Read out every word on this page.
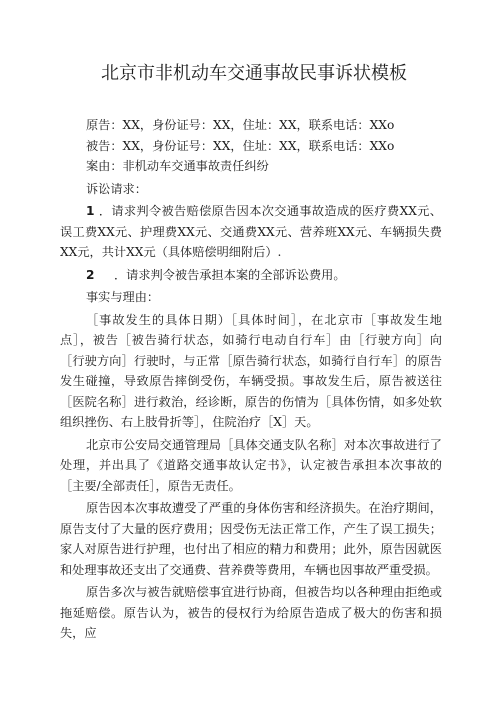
北京市非机动车交通事故民事诉状模板

原告：XX，身份证号：XX，住址：XX，联系电话：XXo

被告：XX，身份证号：XX，住址：XX，联系电话：XXo

案由：非机动车交通事故责任纠纷

诉讼请求：

1 ．请求判令被告赔偿原告因本次交通事故造成的医疗费XX元、误工费XX元、护理费XX元、交通费XX元、营养班XX元、车辆损失费XX元，共计XX元（具体赔偿明细附后）.

2 ．请求判令被告承担本案的全部诉讼费用。

事实与理由：

［事故发生的具体日期）［具体时间］，在北京市［事故发生地点］，被告［被告骑行状态，如骑行电动自行车］由［行驶方向］向［行驶方向］行驶时，与正常［原告骑行状态，如骑行自行车］的原告发生碰撞，导致原告摔倒受伤，车辆受损。事故发生后，原告被送往［医院名称］进行救治，经诊断，原告的伤情为［具体伤情，如多处软组织挫伤、右上肢骨折等］，住院治疗［X］天。

北京市公安局交通管理局［具体交通支队名称］对本次事故进行了处理，并出具了《道路交通事故认定书》，认定被告承担本次事故的［主要/全部责任］，原告无责任。

原告因本次事故遭受了严重的身体伤害和经济损失。在治疗期间，原告支付了大量的医疗费用；因受伤无法正常工作，产生了误工损失；家人对原告进行护理，也付出了相应的精力和费用；此外，原告因就医和处理事故还支出了交通费、营养费等费用，车辆也因事故严重受损。

原告多次与被告就赔偿事宜进行协商，但被告均以各种理由拒绝或拖延赔偿。原告认为，被告的侵权行为给原告造成了极大的伤害和损失，应
